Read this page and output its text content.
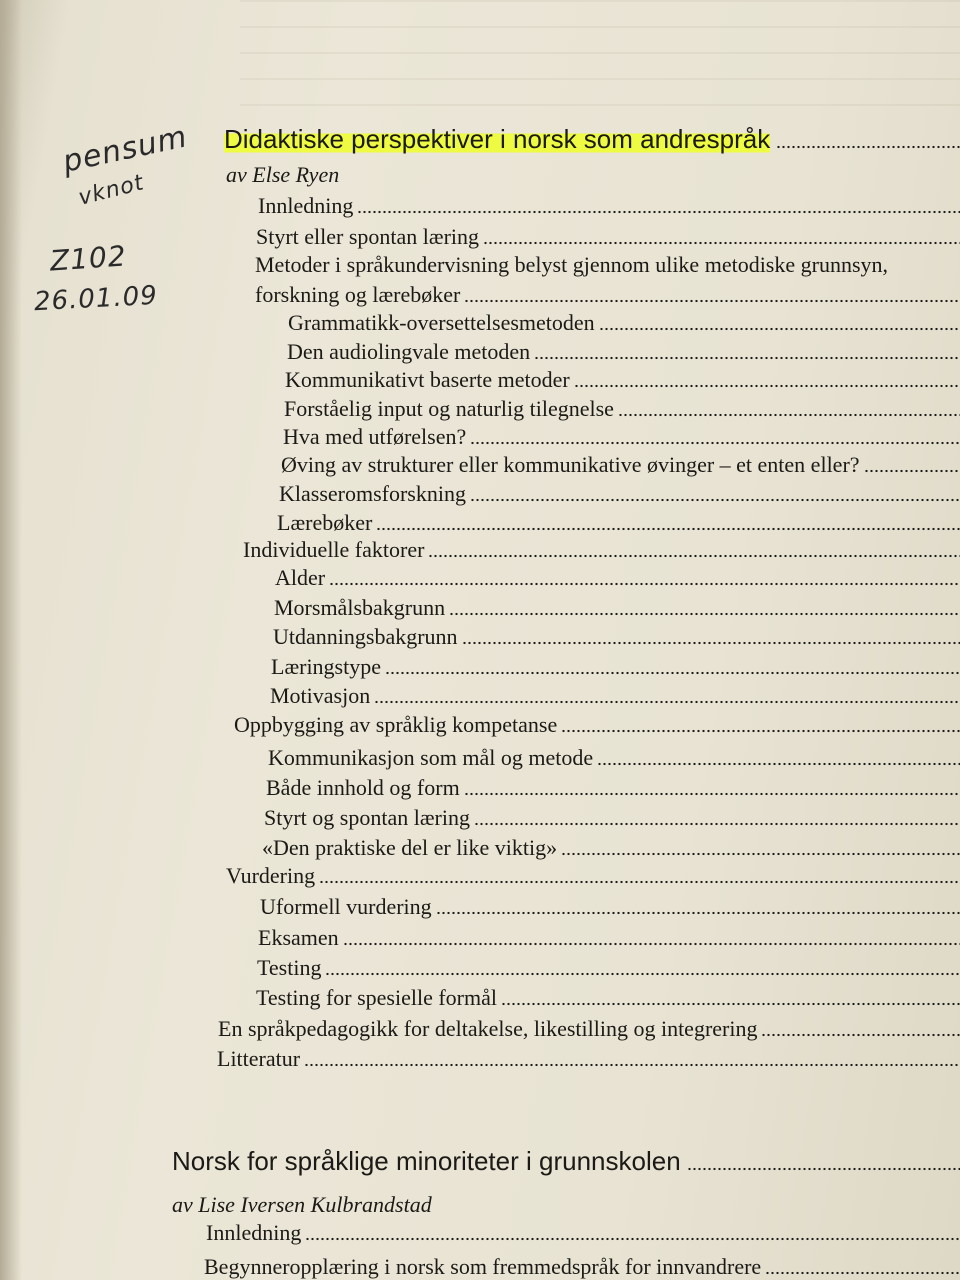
pensum
vknot
Z102
26.01.09
Didaktiske perspektiver i norsk som andrespråk
av Else Ryen
Norsk for språklige minoriteter i grunnskolen
av Lise Iversen Kulbrandstad
Innledning
Styrt eller spontan læring
Metoder i språkundervisning belyst gjennom ulike metodiske grunnsyn,
forskning og lærebøker
Grammatikk-oversettelsesmetoden
Den audiolingvale metoden
Kommunikativt baserte metoder
Forståelig input og naturlig tilegnelse
Hva med utførelsen?
Øving av strukturer eller kommunikative øvinger – et enten eller?
Klasseromsforskning
Lærebøker
Individuelle faktorer
Alder
Morsmålsbakgrunn
Utdanningsbakgrunn
Læringstype
Motivasjon
Oppbygging av språklig kompetanse
Kommunikasjon som mål og metode
Både innhold og form
Styrt og spontan læring
«Den praktiske del er like viktig»
Vurdering
Uformell vurdering
Eksamen
Testing
Testing for spesielle formål
En språkpedagogikk for deltakelse, likestilling og integrering
Litteratur
Innledning
Begynneropplæring i norsk som fremmedspråk for innvandrere
